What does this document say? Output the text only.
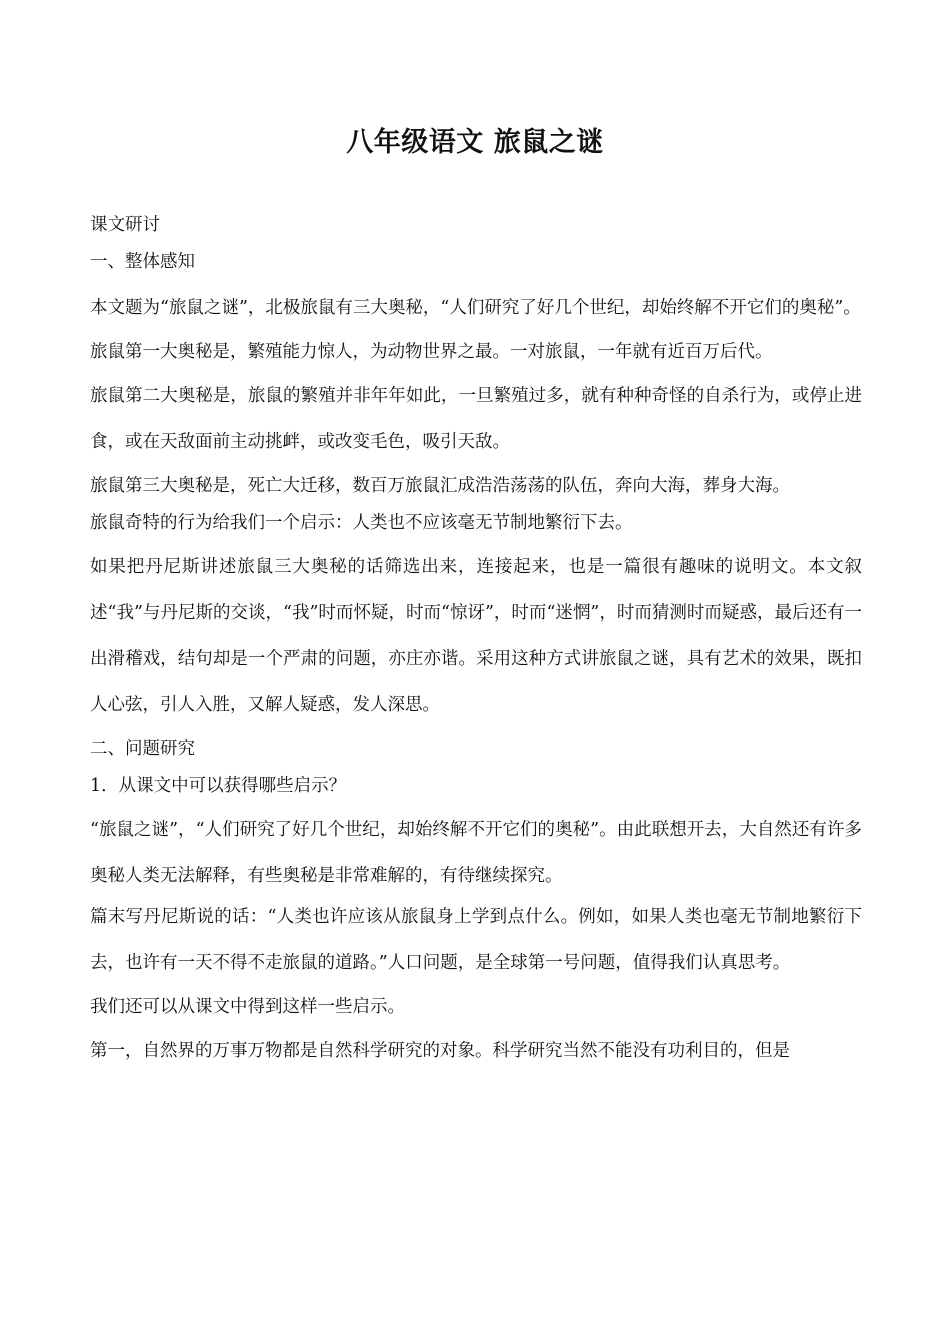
八年级语文 旅鼠之谜

课文研讨

一、整体感知

本文题为“旅鼠之谜”，北极旅鼠有三大奥秘，“人们研究了好几个世纪，却始终解不开它们的奥秘”。

旅鼠第一大奥秘是，繁殖能力惊人，为动物世界之最。一对旅鼠，一年就有近百万后代。

旅鼠第二大奥秘是，旅鼠的繁殖并非年年如此，一旦繁殖过多，就有种种奇怪的自杀行为，或停止进食，或在天敌面前主动挑衅，或改变毛色，吸引天敌。

旅鼠第三大奥秘是，死亡大迁移，数百万旅鼠汇成浩浩荡荡的队伍，奔向大海，葬身大海。

旅鼠奇特的行为给我们一个启示：人类也不应该毫无节制地繁衍下去。

如果把丹尼斯讲述旅鼠三大奥秘的话筛选出来，连接起来，也是一篇很有趣味的说明文。本文叙述“我”与丹尼斯的交谈，“我”时而怀疑，时而“惊讶”，时而“迷惘”，时而猜测时而疑惑，最后还有一出滑稽戏，结句却是一个严肃的问题，亦庄亦谐。采用这种方式讲旅鼠之谜，具有艺术的效果，既扣人心弦，引人入胜，又解人疑惑，发人深思。

二、问题研究

1．从课文中可以获得哪些启示？

“旅鼠之谜”，“人们研究了好几个世纪，却始终解不开它们的奥秘”。由此联想开去，大自然还有许多奥秘人类无法解释，有些奥秘是非常难解的，有待继续探究。

篇末写丹尼斯说的话：“人类也许应该从旅鼠身上学到点什么。例如，如果人类也毫无节制地繁衍下去，也许有一天不得不走旅鼠的道路。”人口问题，是全球第一号问题，值得我们认真思考。

我们还可以从课文中得到这样一些启示。

第一，自然界的万事万物都是自然科学研究的对象。科学研究当然不能没有功利目的，但是
